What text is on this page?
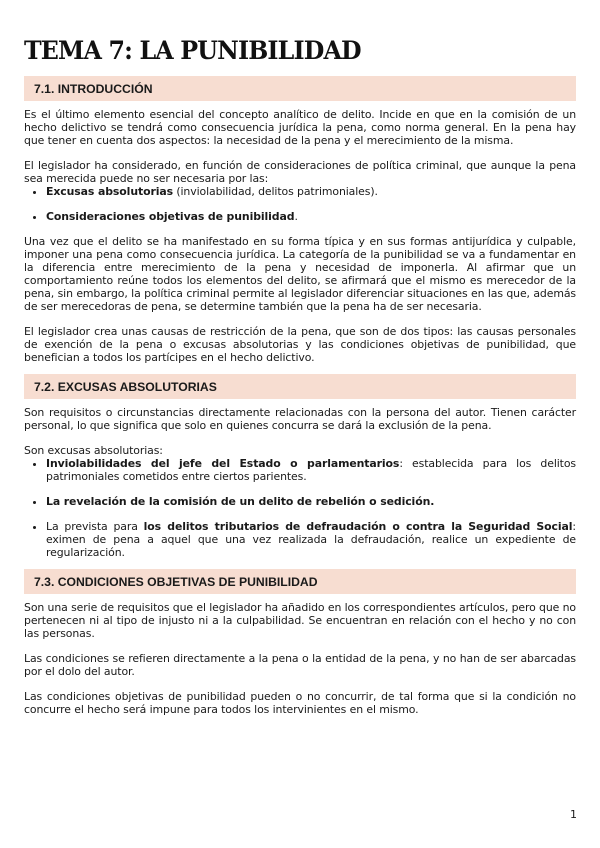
TEMA 7: LA PUNIBILIDAD
7.1. INTRODUCCIÓN

Es el último elemento esencial del concepto analítico de delito. Incide en que en la comisión de un hecho delictivo se tendrá como consecuencia jurídica la pena, como norma general. En la pena hay que tener en cuenta dos aspectos: la necesidad de la pena y el merecimiento de la misma.

El legislador ha considerado, en función de consideraciones de política criminal, que aunque la pena sea merecida puede no ser necesaria por las:

• Excusas absolutorias (inviolabilidad, delitos patrimoniales).
• Consideraciones objetivas de punibilidad.

Una vez que el delito se ha manifestado en su forma típica y en sus formas antijurídica y culpable, imponer una pena como consecuencia jurídica. La categoría de la punibilidad se va a fundamentar en la diferencia entre merecimiento de la pena y necesidad de imponerla. Al afirmar que un comportamiento reúne todos los elementos del delito, se afirmará que el mismo es merecedor de la pena, sin embargo, la política criminal permite al legislador diferenciar situaciones en las que, además de ser merecedoras de pena, se determine también que la pena ha de ser necesaria.

El legislador crea unas causas de restricción de la pena, que son de dos tipos: las causas personales de exención de la pena o excusas absolutorias y las condiciones objetivas de punibilidad, que benefician a todos los partícipes en el hecho delictivo.

7.2. EXCUSAS ABSOLUTORIAS

Son requisitos o circunstancias directamente relacionadas con la persona del autor. Tienen carácter personal, lo que significa que solo en quienes concurra se dará la exclusión de la pena.

Son excusas absolutorias:

• Inviolabilidades del jefe del Estado o parlamentarios: establecida para los delitos patrimoniales cometidos entre ciertos parientes.
• La revelación de la comisión de un delito de rebelión o sedición.
• La prevista para los delitos tributarios de defraudación o contra la Seguridad Social: eximen de pena a aquel que una vez realizada la defraudación, realice un expediente de regularización.
7.3. CONDICIONES OBJETIVAS DE PUNIBILIDAD

Son una serie de requisitos que el legislador ha añadido en los correspondientes artículos, pero que no pertenecen ni al tipo de injusto ni a la culpabilidad. Se encuentran en relación con el hecho y no con las personas.

Las condiciones se refieren directamente a la pena o la entidad de la pena, y no han de ser abarcadas por el dolo del autor.

Las condiciones objetivas de punibilidad pueden o no concurrir, de tal forma que si la condición no concurre el hecho será impune para todos los intervinientes en el mismo.

1
